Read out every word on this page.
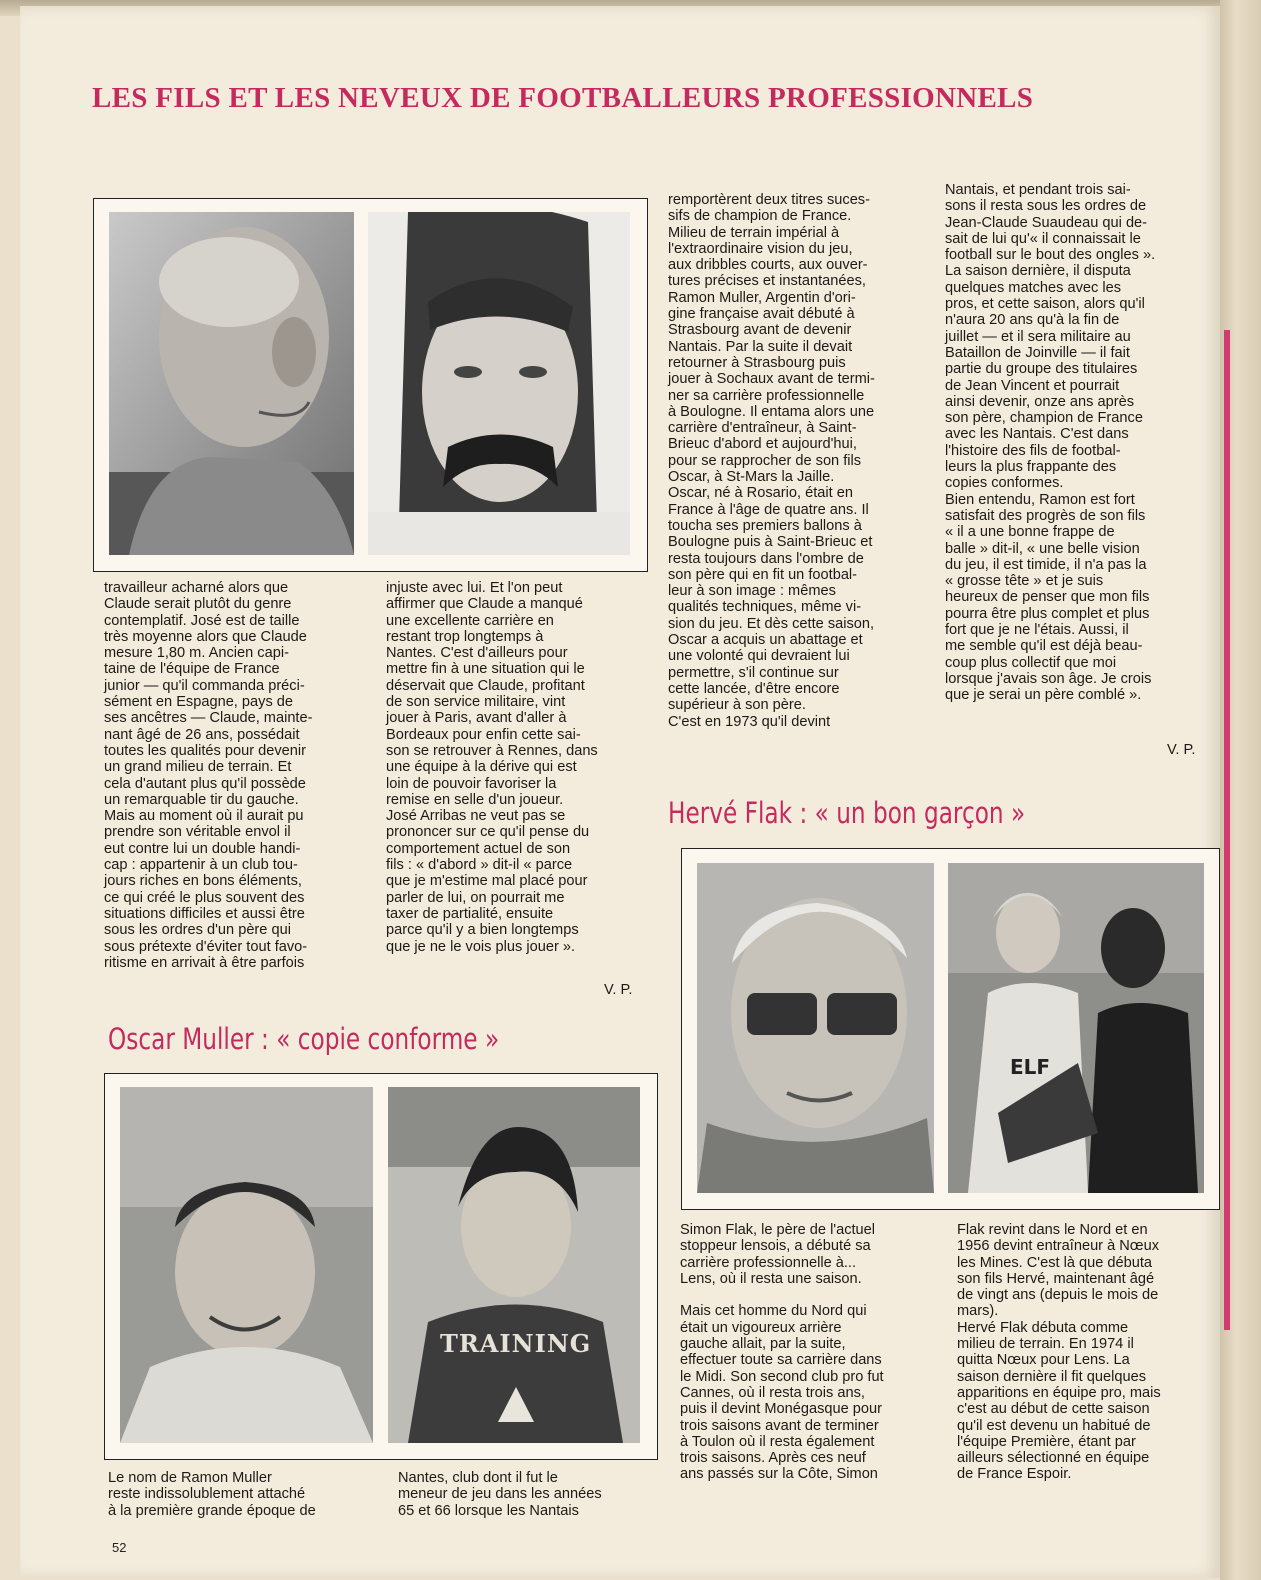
LES FILS ET LES NEVEUX DE FOOTBALLEURS PROFESSIONNELS
travailleur acharné alors que
Claude serait plutôt du genre
contemplatif. José est de taille
très moyenne alors que Claude
mesure 1,80 m. Ancien capi-
taine de l'équipe de France
junior — qu'il commanda préci-
sément en Espagne, pays de
ses ancêtres — Claude, mainte-
nant âgé de 26 ans, possédait
toutes les qualités pour devenir
un grand milieu de terrain. Et
cela d'autant plus qu'il possède
un remarquable tir du gauche.
Mais au moment où il aurait pu
prendre son véritable envol il
eut contre lui un double handi-
cap : appartenir à un club tou-
jours riches en bons éléments,
ce qui créé le plus souvent des
situations difficiles et aussi être
sous les ordres d'un père qui
sous prétexte d'éviter tout favo-
ritisme en arrivait à être parfois
injuste avec lui. Et l'on peut
affirmer que Claude a manqué
une excellente carrière en
restant trop longtemps à
Nantes. C'est d'ailleurs pour
mettre fin à une situation qui le
déservait que Claude, profitant
de son service militaire, vint
jouer à Paris, avant d'aller à
Bordeaux pour enfin cette sai-
son se retrouver à Rennes, dans
une équipe à la dérive qui est
loin de pouvoir favoriser la
remise en selle d'un joueur.
José Arribas ne veut pas se
prononcer sur ce qu'il pense du
comportement actuel de son
fils : « d'abord » dit-il « parce
que je m'estime mal placé pour
parler de lui, on pourrait me
taxer de partialité, ensuite
parce qu'il y a bien longtemps
que je ne le vois plus jouer ».
V. P.
remportèrent deux titres suces-
sifs de champion de France.
Milieu de terrain impérial à
l'extraordinaire vision du jeu,
aux dribbles courts, aux ouver-
tures précises et instantanées,
Ramon Muller, Argentin d'ori-
gine française avait débuté à
Strasbourg avant de devenir
Nantais. Par la suite il devait
retourner à Strasbourg puis
jouer à Sochaux avant de termi-
ner sa carrière professionnelle
à Boulogne. Il entama alors une
carrière d'entraîneur, à Saint-
Brieuc d'abord et aujourd'hui,
pour se rapprocher de son fils
Oscar, à St-Mars la Jaille.
Oscar, né à Rosario, était en
France à l'âge de quatre ans. Il
toucha ses premiers ballons à
Boulogne puis à Saint-Brieuc et
resta toujours dans l'ombre de
son père qui en fit un footbal-
leur à son image : mêmes
qualités techniques, même vi-
sion du jeu. Et dès cette saison,
Oscar a acquis un abattage et
une volonté qui devraient lui
permettre, s'il continue sur
cette lancée, d'être encore
supérieur à son père.
C'est en 1973 qu'il devint
Nantais, et pendant trois sai-
sons il resta sous les ordres de
Jean-Claude Suaudeau qui de-
sait de lui qu'« il connaissait le
football sur le bout des ongles ».
La saison dernière, il disputa
quelques matches avec les
pros, et cette saison, alors qu'il
n'aura 20 ans qu'à la fin de
juillet — et il sera militaire au
Bataillon de Joinville — il fait
partie du groupe des titulaires
de Jean Vincent et pourrait
ainsi devenir, onze ans après
son père, champion de France
avec les Nantais. C'est dans
l'histoire des fils de footbal-
leurs la plus frappante des
copies conformes.
Bien entendu, Ramon est fort
satisfait des progrès de son fils
« il a une bonne frappe de
balle » dit-il, « une belle vision
du jeu, il est timide, il n'a pas la
« grosse tête » et je suis
heureux de penser que mon fils
pourra être plus complet et plus
fort que je ne l'étais. Aussi, il
me semble qu'il est déjà beau-
coup plus collectif que moi
lorsque j'avais son âge. Je crois
que je serai un père comblé ».
V. P.
Oscar Muller : « copie conforme »
Hervé Flak : « un bon garçon »
TRAINING
ELF
Le nom de Ramon Muller
reste indissolublement attaché
à la première grande époque de
Nantes, club dont il fut le
meneur de jeu dans les années
65 et 66 lorsque les Nantais
Simon Flak, le père de l'actuel
stoppeur lensois, a débuté sa
carrière professionnelle à...
Lens, où il resta une saison.

Mais cet homme du Nord qui
était un vigoureux arrière
gauche allait, par la suite,
effectuer toute sa carrière dans
le Midi. Son second club pro fut
Cannes, où il resta trois ans,
puis il devint Monégasque pour
trois saisons avant de terminer
à Toulon où il resta également
trois saisons. Après ces neuf
ans passés sur la Côte, Simon
Flak revint dans le Nord et en
1956 devint entraîneur à Nœux
les Mines. C'est là que débuta
son fils Hervé, maintenant âgé
de vingt ans (depuis le mois de
mars).
Hervé Flak débuta comme
milieu de terrain. En 1974 il
quitta Nœux pour Lens. La
saison dernière il fit quelques
apparitions en équipe pro, mais
c'est au début de cette saison
qu'il est devenu un habitué de
l'équipe Première, étant par
ailleurs sélectionné en équipe
de France Espoir.
52
